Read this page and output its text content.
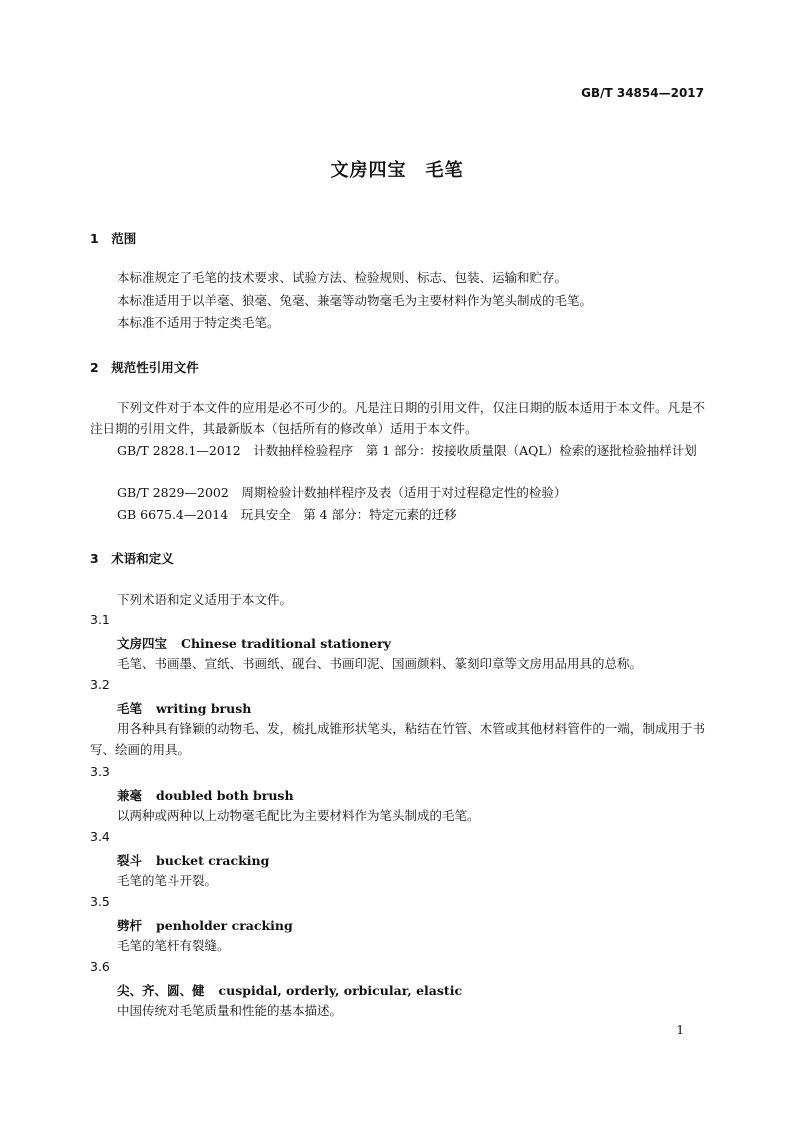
GB/T 34854—2017
文房四宝　毛笔
1　范围
本标准规定了毛笔的技术要求、试验方法、检验规则、标志、包装、运输和贮存。
本标准适用于以羊毫、狼毫、兔毫、兼毫等动物毫毛为主要材料作为笔头制成的毛笔。
本标准不适用于特定类毛笔。
2　规范性引用文件
下列文件对于本文件的应用是必不可少的。凡是注日期的引用文件，仅注日期的版本适用于本文件。凡是不注日期的引用文件，其最新版本（包括所有的修改单）适用于本文件。
GB/T 2828.1—2012　计数抽样检验程序　第 1 部分：按接收质量限（AQL）检索的逐批检验抽样计划
GB/T 2829—2002　周期检验计数抽样程序及表（适用于对过程稳定性的检验）
GB 6675.4—2014　玩具安全　第 4 部分：特定元素的迁移
3　术语和定义
下列术语和定义适用于本文件。
3.1
文房四宝 Chinese traditional stationery
毛笔、书画墨、宣纸、书画纸、砚台、书画印泥、国画颜料、篆刻印章等文房用品用具的总称。
3.2
毛笔 writing brush
用各种具有锋颖的动物毛、发，梳扎成锥形状笔头，粘结在竹管、木管或其他材料管件的一端，制成用于书写、绘画的用具。
3.3
兼毫 doubled both brush
以两种或两种以上动物毫毛配比为主要材料作为笔头制成的毛笔。
3.4
裂斗 bucket cracking
毛笔的笔斗开裂。
3.5
劈杆 penholder cracking
毛笔的笔杆有裂缝。
3.6
尖、齐、圆、健 cuspidal, orderly, orbicular, elastic
中国传统对毛笔质量和性能的基本描述。
1
